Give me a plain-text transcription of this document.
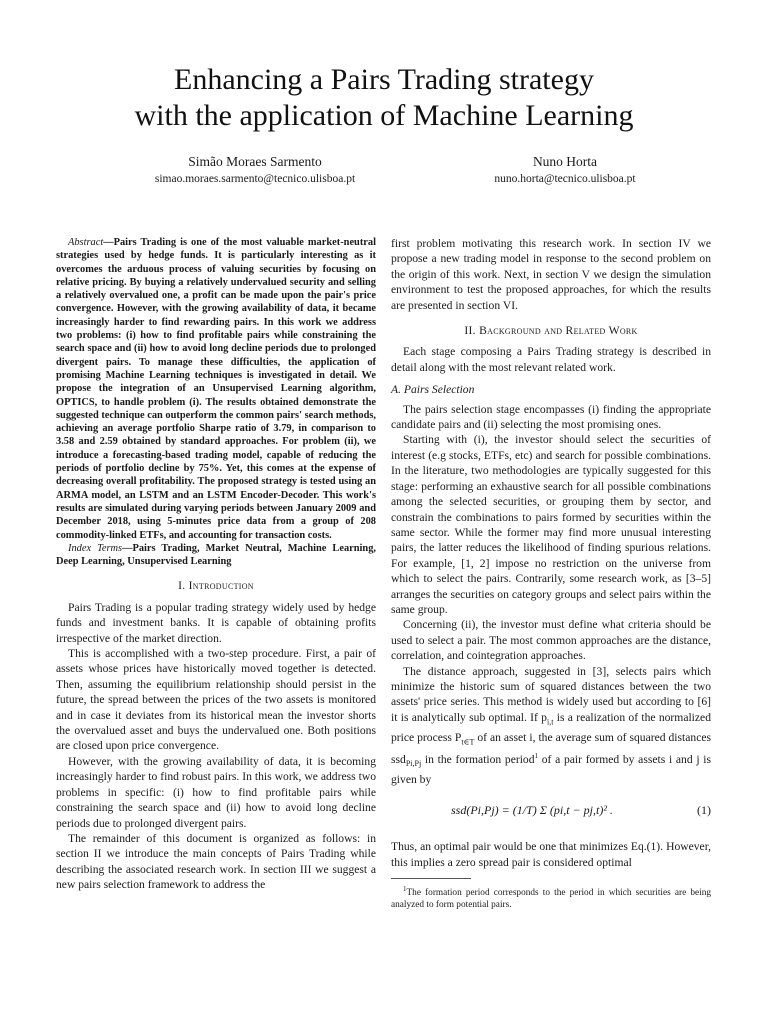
Enhancing a Pairs Trading strategy
with the application of Machine Learning
Simão Moraes Sarmento
simao.moraes.sarmento@tecnico.ulisboa.pt
Nuno Horta
nuno.horta@tecnico.ulisboa.pt

Abstract—Pairs Trading is one of the most valuable market-neutral strategies used by hedge funds. It is particularly interesting as it overcomes the arduous process of valuing securities by focusing on relative pricing. By buying a relatively undervalued security and selling a relatively overvalued one, a profit can be made upon the pair's price convergence. However, with the growing availability of data, it became increasingly harder to find rewarding pairs. In this work we address two problems: (i) how to find profitable pairs while constraining the search space and (ii) how to avoid long decline periods due to prolonged divergent pairs. To manage these difficulties, the application of promising Machine Learning techniques is investigated in detail. We propose the integration of an Unsupervised Learning algorithm, OPTICS, to handle problem (i). The results obtained demonstrate the suggested technique can outperform the common pairs' search methods, achieving an average portfolio Sharpe ratio of 3.79, in comparison to 3.58 and 2.59 obtained by standard approaches. For problem (ii), we introduce a forecasting-based trading model, capable of reducing the periods of portfolio decline by 75%. Yet, this comes at the expense of decreasing overall profitability. The proposed strategy is tested using an ARMA model, an LSTM and an LSTM Encoder-Decoder. This work's results are simulated during varying periods between January 2009 and December 2018, using 5-minutes price data from a group of 208 commodity-linked ETFs, and accounting for transaction costs.

Index Terms—Pairs Trading, Market Neutral, Machine Learning, Deep Learning, Unsupervised Learning

I. Introduction

Pairs Trading is a popular trading strategy widely used by hedge funds and investment banks. It is capable of obtaining profits irrespective of the market direction.

This is accomplished with a two-step procedure. First, a pair of assets whose prices have historically moved together is detected. Then, assuming the equilibrium relationship should persist in the future, the spread between the prices of the two assets is monitored and in case it deviates from its historical mean the investor shorts the overvalued asset and buys the undervalued one. Both positions are closed upon price convergence.

However, with the growing availability of data, it is becoming increasingly harder to find robust pairs. In this work, we address two problems in specific: (i) how to find profitable pairs while constraining the search space and (ii) how to avoid long decline periods due to prolonged divergent pairs.

The remainder of this document is organized as follows: in section II we introduce the main concepts of Pairs Trading while describing the associated research work. In section III we suggest a new pairs selection framework to address the

first problem motivating this research work. In section IV we propose a new trading model in response to the second problem on the origin of this work. Next, in section V we design the simulation environment to test the proposed approaches, for which the results are presented in section VI.

II. Background and Related Work

Each stage composing a Pairs Trading strategy is described in detail along with the most relevant related work.

A. Pairs Selection

The pairs selection stage encompasses (i) finding the appropriate candidate pairs and (ii) selecting the most promising ones.

Starting with (i), the investor should select the securities of interest (e.g stocks, ETFs, etc) and search for possible combinations. In the literature, two methodologies are typically suggested for this stage: performing an exhaustive search for all possible combinations among the selected securities, or grouping them by sector, and constrain the combinations to pairs formed by securities within the same sector. While the former may find more unusual interesting pairs, the latter reduces the likelihood of finding spurious relations. For example, [1, 2] impose no restriction on the universe from which to select the pairs. Contrarily, some research work, as [3–5] arranges the securities on category groups and select pairs within the same group.

Concerning (ii), the investor must define what criteria should be used to select a pair. The most common approaches are the distance, correlation, and cointegration approaches.

The distance approach, suggested in [3], selects pairs which minimize the historic sum of squared distances between the two assets' price series. This method is widely used but according to [6] it is analytically sub optimal. If $p_{i,t}$ is a realization of the normalized price process $P_{t\in T}$ of an asset i, the average sum of squared distances ssd$_{Pi,Pj}$ in the formation period$^1$ of a pair formed by assets i and j is given by

ssd(Pi,Pj) = (1/T) Σ (pi,t − pj,t)² .	(1)

Thus, an optimal pair would be one that minimizes Eq.(1). However, this implies a zero spread pair is considered optimal

$^1$The formation period corresponds to the period in which securities are being analyzed to form potential pairs.
